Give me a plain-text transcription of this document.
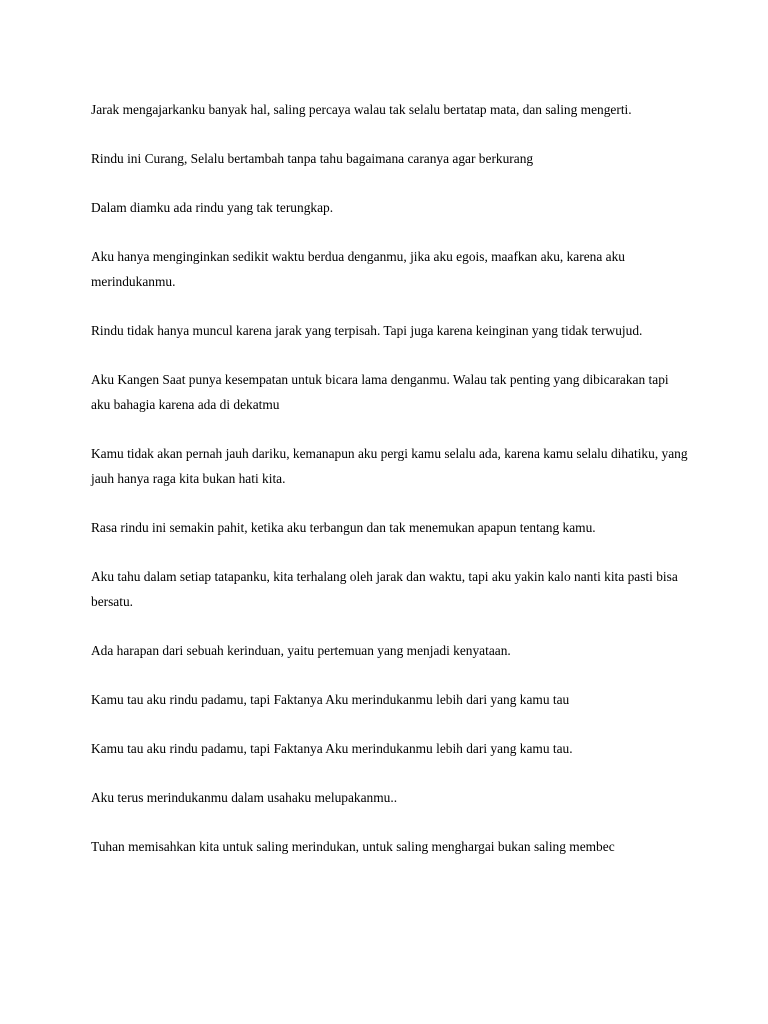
Jarak mengajarkanku banyak hal, saling percaya walau tak selalu bertatap mata, dan saling mengerti.

Rindu ini Curang, Selalu bertambah tanpa tahu bagaimana caranya agar berkurang

Dalam diamku ada rindu yang tak terungkap.

Aku hanya menginginkan sedikit waktu berdua denganmu, jika aku egois, maafkan aku, karena aku merindukanmu.

Rindu tidak hanya muncul karena jarak yang terpisah. Tapi juga karena keinginan yang tidak terwujud.

Aku Kangen Saat punya kesempatan untuk bicara lama denganmu. Walau tak penting yang dibicarakan tapi aku bahagia karena ada di dekatmu

Kamu tidak akan pernah jauh dariku, kemanapun aku pergi kamu selalu ada, karena kamu selalu dihatiku, yang jauh hanya raga kita bukan hati kita.

Rasa rindu ini semakin pahit, ketika aku terbangun dan tak menemukan apapun tentang kamu.

Aku tahu dalam setiap tatapanku, kita terhalang oleh jarak dan waktu, tapi aku yakin kalo nanti kita pasti bisa bersatu.

Ada harapan dari sebuah kerinduan, yaitu pertemuan yang menjadi kenyataan.

Kamu tau aku rindu padamu, tapi Faktanya Aku merindukanmu lebih dari yang kamu tau

Kamu tau aku rindu padamu, tapi Faktanya Aku merindukanmu lebih dari yang kamu tau.

Aku terus merindukanmu dalam usahaku melupakanmu..

Tuhan memisahkan kita untuk saling merindukan, untuk saling menghargai bukan saling membec
